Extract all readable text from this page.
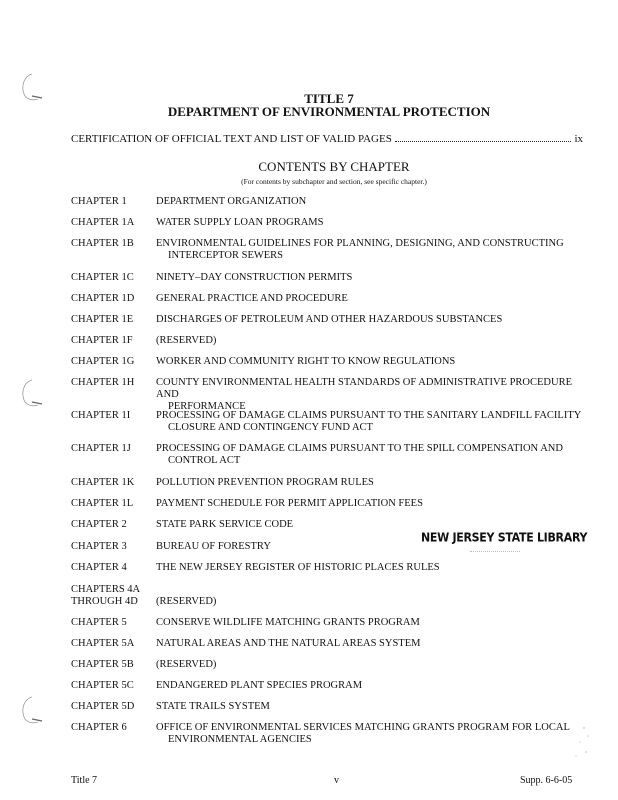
TITLE 7
DEPARTMENT OF ENVIRONMENTAL PROTECTION
CERTIFICATION OF OFFICIAL TEXT AND LIST OF VALID PAGES	ix
CONTENTS BY CHAPTER
(For contents by subchapter and section, see specific chapter.)
CHAPTER 1	DEPARTMENT ORGANIZATION
CHAPTER 1A	WATER SUPPLY LOAN PROGRAMS
CHAPTER 1B	ENVIRONMENTAL GUIDELINES FOR PLANNING, DESIGNING, AND CONSTRUCTING
INTERCEPTOR SEWERS
CHAPTER 1C	NINETY–DAY CONSTRUCTION PERMITS
CHAPTER 1D	GENERAL PRACTICE AND PROCEDURE
CHAPTER 1E	DISCHARGES OF PETROLEUM AND OTHER HAZARDOUS SUBSTANCES
CHAPTER 1F	(RESERVED)
CHAPTER 1G	WORKER AND COMMUNITY RIGHT TO KNOW REGULATIONS
CHAPTER 1H	COUNTY ENVIRONMENTAL HEALTH STANDARDS OF ADMINISTRATIVE PROCEDURE AND
PERFORMANCE
CHAPTER 1I	PROCESSING OF DAMAGE CLAIMS PURSUANT TO THE SANITARY LANDFILL FACILITY
CLOSURE AND CONTINGENCY FUND ACT
CHAPTER 1J	PROCESSING OF DAMAGE CLAIMS PURSUANT TO THE SPILL COMPENSATION AND
CONTROL ACT
CHAPTER 1K	POLLUTION PREVENTION PROGRAM RULES
CHAPTER 1L	PAYMENT SCHEDULE FOR PERMIT APPLICATION FEES
CHAPTER 2	STATE PARK SERVICE CODE
CHAPTER 3	BUREAU OF FORESTRY
CHAPTER 4	THE NEW JERSEY REGISTER OF HISTORIC PLACES RULES
CHAPTERS 4A
THROUGH 4D	(RESERVED)
CHAPTER 5	CONSERVE WILDLIFE MATCHING GRANTS PROGRAM
CHAPTER 5A	NATURAL AREAS AND THE NATURAL AREAS SYSTEM
CHAPTER 5B	(RESERVED)
CHAPTER 5C	ENDANGERED PLANT SPECIES PROGRAM
CHAPTER 5D	STATE TRAILS SYSTEM
CHAPTER 6	OFFICE OF ENVIRONMENTAL SERVICES MATCHING GRANTS PROGRAM FOR LOCAL
ENVIRONMENTAL AGENCIES
NEW JERSEY STATE LIBRARY
Title 7	v	Supp. 6-6-05
